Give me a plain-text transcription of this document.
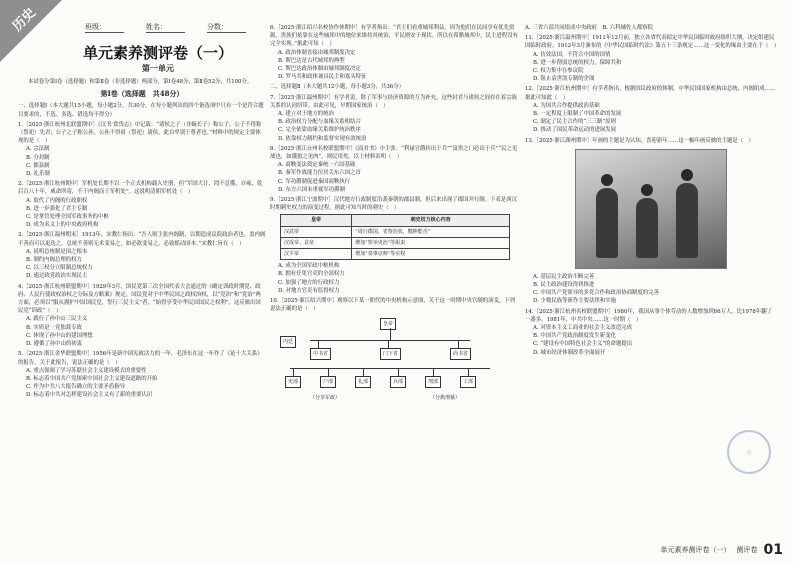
历史	班级：	姓名：	分数：
单元素养测评卷（一）
第一单元
本试卷分第Ⅰ卷（选择题）和第Ⅱ卷（非选择题）两部分，第Ⅰ卷48分，第Ⅱ卷52分，共100分。
第Ⅰ卷（选择题　共48分）
一、选择题Ⅰ（本大题共15小题，每小题2分，共30分。在每小题列出的四个备选项中只有一个是符合题目要求的，不选、多选、错选均不得分）
1.［2025·浙江杭州北联盟期中］《汉书·食货志》中记载：“诸侯之子（非嫡长子）称公子，公子不得称（祭祀）先君；公子之子称公孙，公孙不得祖（祭祀）诸侯。此自卑别于尊者也。”材料中的规定主要体现的是（　）
A. 宗法制
B. 分封制
C. 郡县制
D. 礼乐制
2.［2025·浙江杭州期中］军机处长期不以一个正式机构载入史册，但“军国大计，罔不总揽，自雍、乾后百八十年，威命所寄，不于内阁而于军机处”。这说明清朝军机处（　）
A. 取代了内阁的行政职权
B. 进一步强化了君主专制
C. 是掌管处理全国军政事务的中枢
D. 成为名义上的中央政府机构
3.［2025·浙江温州期末］1913年，宋教仁指出：“吾人则主张内阁制，以期造成议院政治者也。盖内阁不善而可以更迭之，总统不善则无术变易之，如必欲变易之，必致摇动国本。”宋教仁旨在（　）
A. 说明总统制是国之根本
B. 制约内阁总理的权力
C. 以三权分立限制总统权力
D. 通过政党政治实现民主
4.［2025·浙江杭州联盟期中］1929年3月，国民党第三次全国代表大会通过的《确定训政时期党、政府、人民行使政权治权之分际及方略案》规定，国民党对于中华民国之政权治权，以“党治”和“党治”两方面，必须以“服从拥护中国国民党，誓行三民主义”者，“始得享受中华民国国民之权利”。这反映出国民党“训政”（　）
A. 践行了孙中山三民主义
B. 实质是一党独裁专政
C. 体现了孙中山的建国理想
D. 遵循了孙中山的初衷
5.［2025·浙江金华联盟期中］1956年是新中国宪政活力的一年，毛泽东在这一年作了《论十大关系》的报告。关于此报告，说法正确的是（　）
A. 重点强调了学习苏联社会主义建设模式的重要性
B. 标志着中国共产党探索中国社会主义建设道路的开始
C. 作为中共八大报告确立的主要矛盾指导
D. 标志着中共对怎样建设社会主义有了新的重要认识
6.［2025·浙江绍兴名校协作体期中］有学者指出：“君王们看重城邦利益，因为他们在民间享有优先资源，贵族们依靠在这些城邦中的地位来维持其统治，平民则安于现状。所以在希腊城邦中，民主进程没有完全实现。”据此可知（　）
A. 政治体制直接由城邦制度决定
B. 斯巴达是古代城邦的典型
C. 斯巴达政治体制由城邦制度决定
D. 罗马共和政体兼具民主和寡头特征
二、选择题Ⅱ（本大题共12小题，每小题3分，共36分）
7.［2025·浙江温州期中］有学者说，除了军事与经济资源的互为补充，这些封君与诸侯之间存在着宗族关系的认同纽带。由此可见，早期国家统治（　）
A. 建立对于地方的统治
B. 政治权力分配与血缘关系相结合
C. 完全依靠血缘关系维护统治秩序
D. 依靠权力制约和监督实现有效统治
8.［2025·浙江台州名校联盟期中］《商君书》中主张：“利禄官爵抟出于兵”“富贵之门必出于兵”“民之见战也，如饿狼之见肉”，则民用矣。以上材料表明（　）
A. 商鞅变法奠定秦统一六国基础
B. 秦军作战能力位居关东六国之首
C. 军功爵制促进秦国商鞅执行
D. 东方六国未重视军功爵制
9.［2025·浙江宁波期中］汉代地方行政制度沿袭秦朝的郡县制，但后来出现了郡国并行制。下表是西汉时期刺史权力的演变过程。据此可知当时的刺史（　）
皇帝	刺史权力核心内容
汉武帝	“周行郡国，省察治状，黜陟能否”
汉成帝、哀帝	增加“察举吏治”等职责
汉平帝	增加“奏事京师”等实权
A. 成为全国军政中枢机构
B. 拥有任免官吏的全部权力
C. 加强了地方的行政权力
D. 对地方官吏有监督权力
10.［2025·浙江绍兴期中］观察以下某一朝代的中央机构示意图，关于这一时期中央官制的演变，下列说法正确的是（　）
皇帝
内廷
中书省	门下省	尚书省
吏部	户部	礼部	兵部	刑部	工部
（分享军政）	（分典刑狱）
A. 三省六部共同组成中央政府　B. 六科辅佐人都察院
11.［2025·浙江温州期中］1911年12月前，独立各省代表拟定中华民国临时政府组织大纲，决定组建民国临时政府。1912年3月颁布的《中华民国临时约法》第五十三条规定……这一变化的缘由主要在于（　）
A. 仿效法国，不符合中国的国情
B. 进一步削弱总统的权力，保障共和
C. 权力集中在参议院
D. 阻止袁世凯专制的企图
12.［2025·浙江杭州期中］有学者指出，根据国民政府的体制，中华民国国家机构由总统、内阁组成……据此可知此（　）
A. 为国共合作提供政治基础
B. 一定程度上限制了中国革命的发展
C. 制定了民主合作的“三三制”原则
D. 推动了国民革命运动的进展发展
13.［2025·浙江湖州期中］年画的主题是为认知、喜迎新年……这一幅年画反映的主题是（　）
A. 基层民主政治不断完善
B. 民主政治建设得到推进
C. 中国共产党领导的多党合作和政治协商制度的完善
D. 少数民族等新作主要法律和实施
14.［2025·浙江杭州名校联盟期中］1980年，我国从事个体劳动的人数增加到86万人，比1978年翻了一番多。1981年，中共中央……这一时期（　）
A. 对资本主义工商业的社会主义改造完成
B. 中国共产党政治制度发生新变化
C. “建设有中国特色社会主义”的命题提出
D. 城市经济体制改革全面展开
◎
单元素养测评卷（一） 测评卷 01
